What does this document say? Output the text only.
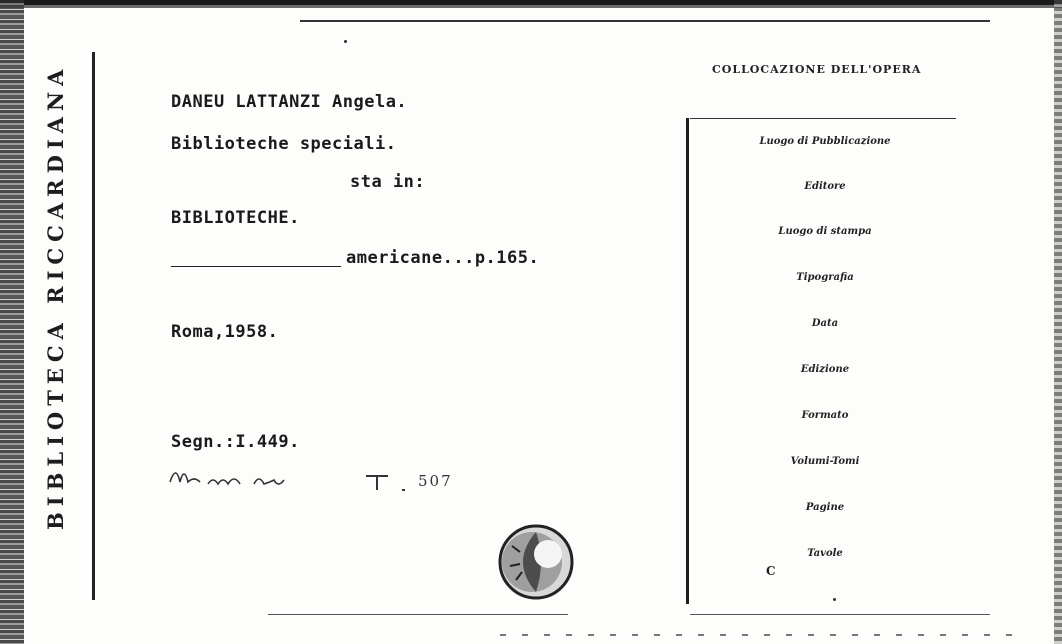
BIBLIOTECA RICCARDIANA	DANEU LATTANZI Angela.
Biblioteche speciali.
sta in:
BIBLIOTECHE.
americane...p.165.
Roma,1958.
Segn.:I.449.
507
COLLOCAZIONE DELL'OPERA
Luogo di Pubblicazione
Editore
Luogo di stampa
Tipografia
Data
Edizione
Formato
Volumi-Tomi
Pagine
Tavole
C
